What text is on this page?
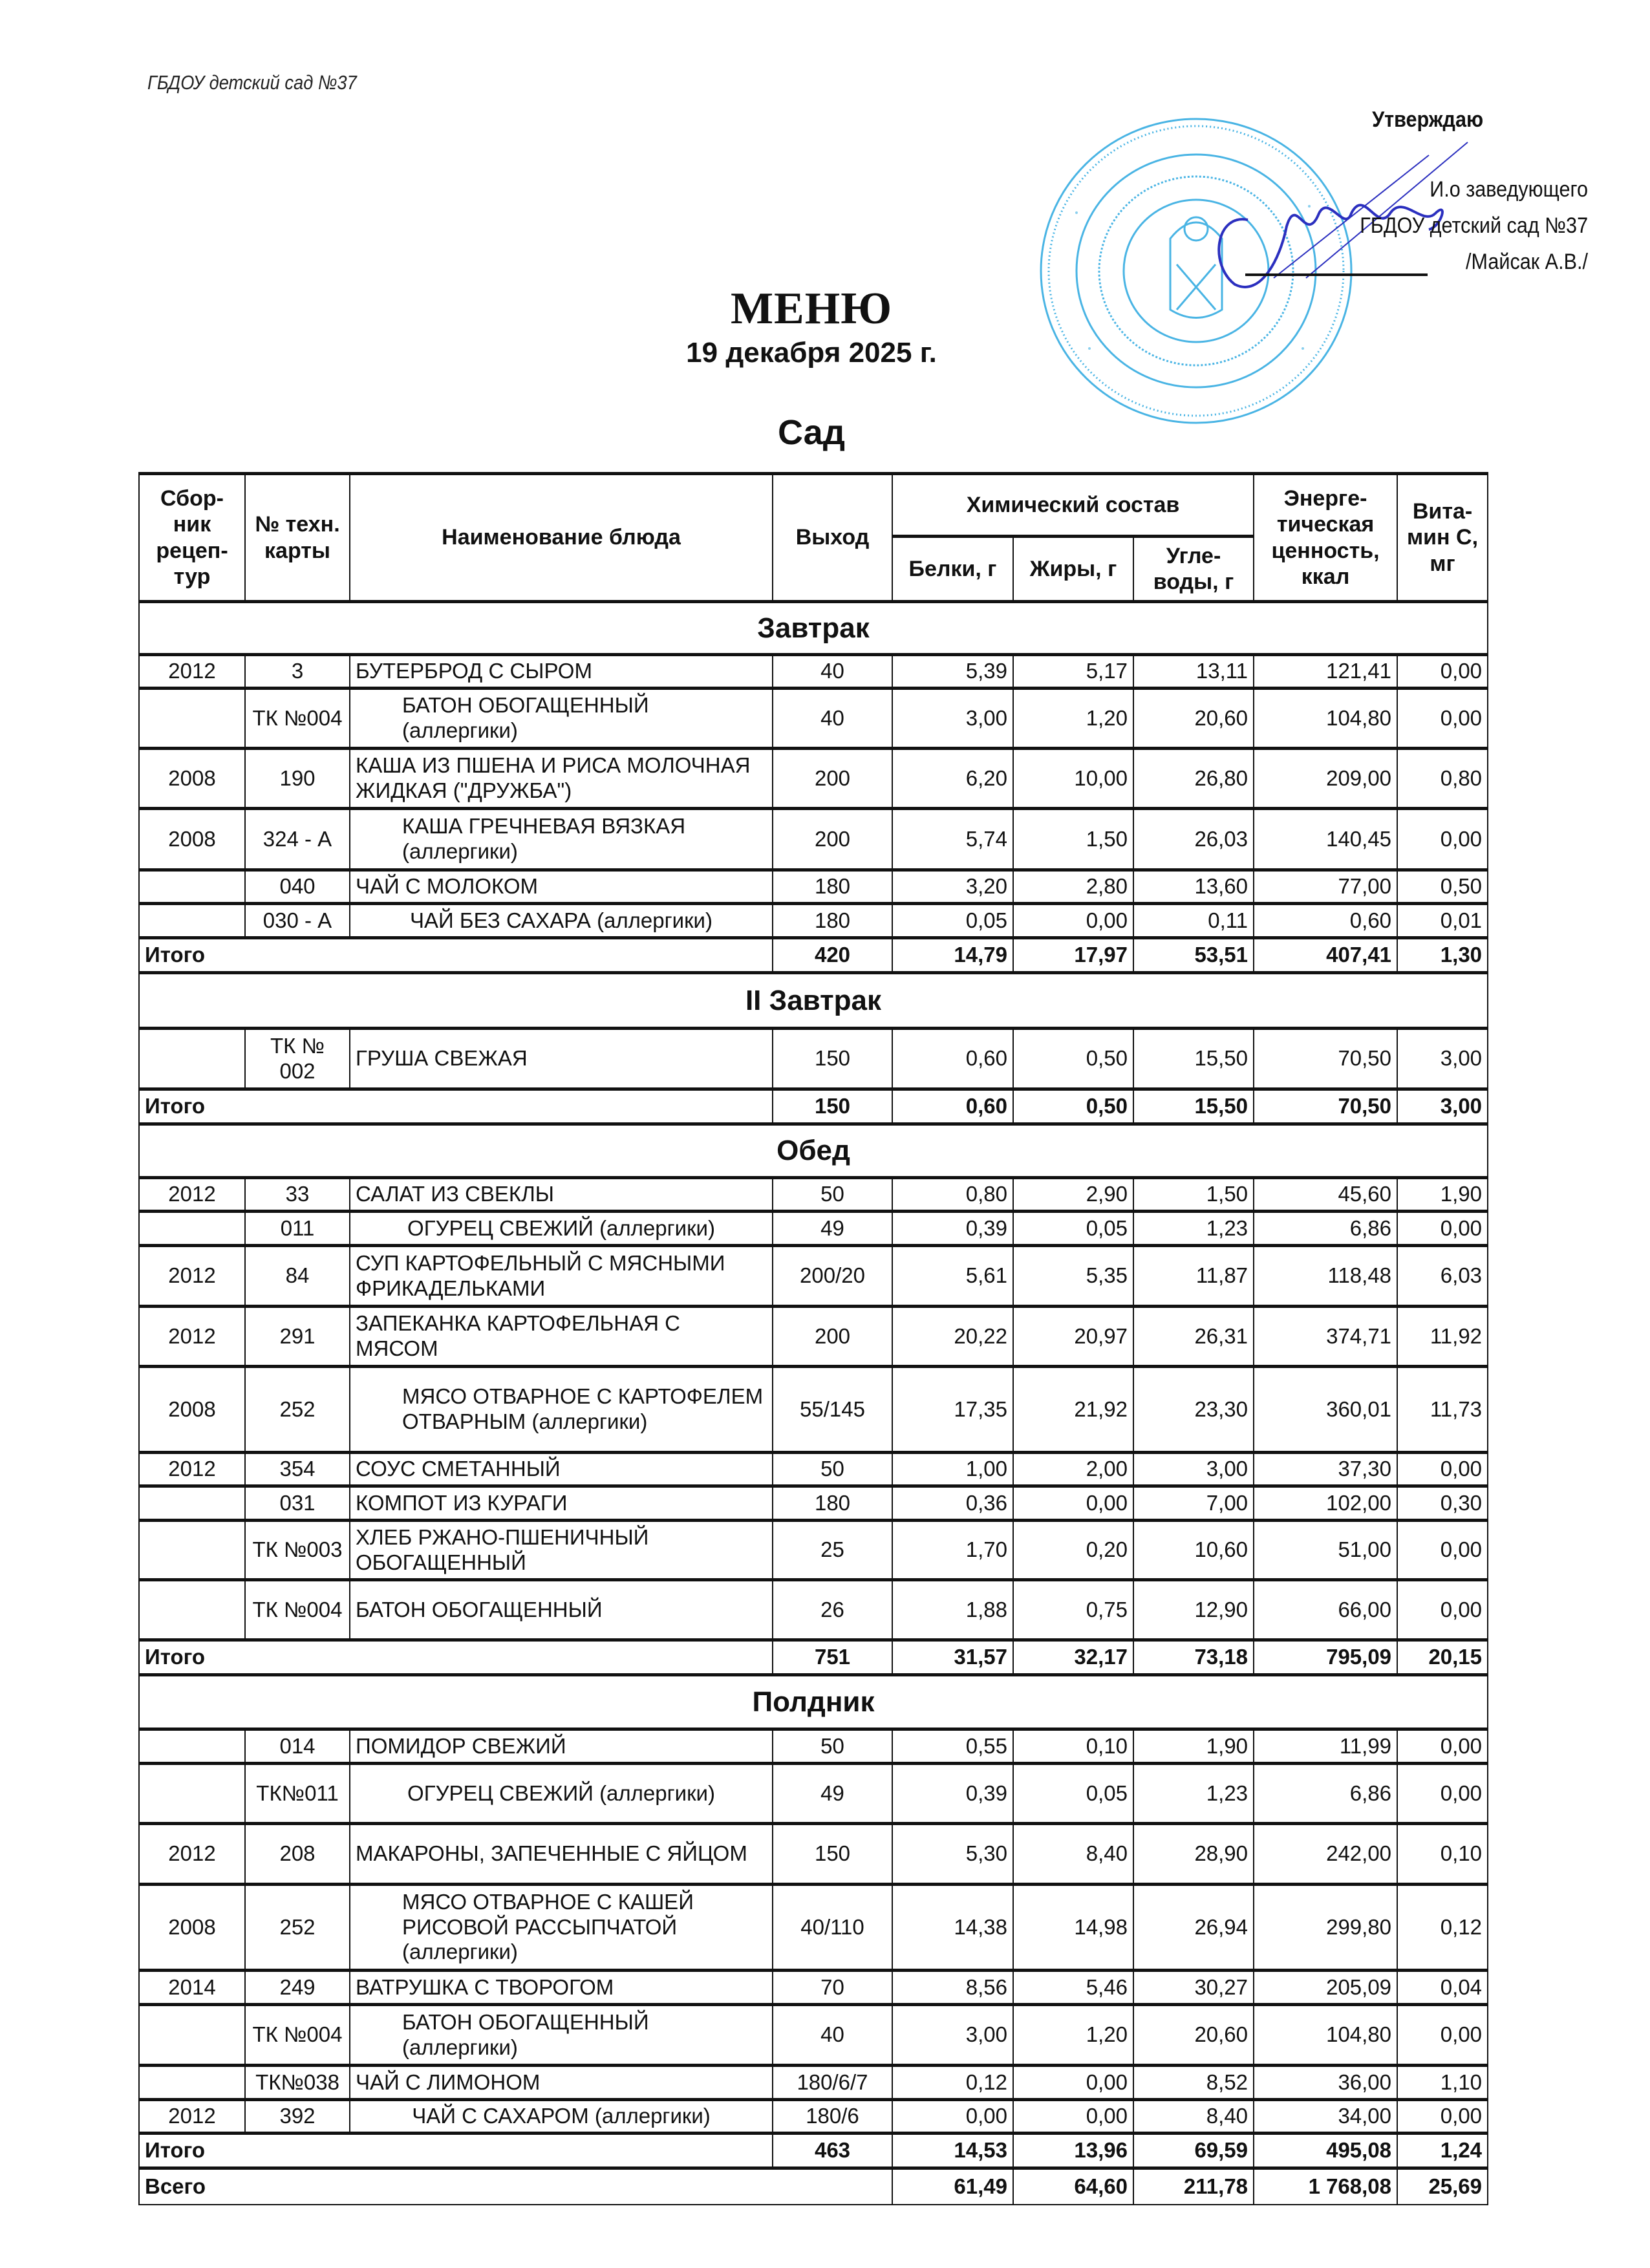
ГБДОУ детский сад №37
Утверждаю
И.о заведующего
ГБДОУ детский сад №37
/Майсак А.В./
МЕНЮ
19 декабря 2025 г.
Сад
Сбор-ник рецеп-тур	№ техн. карты	Наименование блюда	Выход	Химический состав			Энерге-тическая ценность, ккал	Вита-мин С, мг
				Белки, г	Жиры, г	Угле-воды, г		
Завтрак								
2012	3	БУТЕРБРОД С СЫРОМ	40	5,39	5,17	13,11	121,41	0,00
	ТК №004	БАТОН ОБОГАЩЕННЫЙ (аллергики)	40	3,00	1,20	20,60	104,80	0,00
2008	190	КАША ИЗ ПШЕНА И РИСА МОЛОЧНАЯ ЖИДКАЯ ("ДРУЖБА")	200	6,20	10,00	26,80	209,00	0,80
2008	324 - А	КАША ГРЕЧНЕВАЯ ВЯЗКАЯ (аллергики)	200	5,74	1,50	26,03	140,45	0,00
	040	ЧАЙ С МОЛОКОМ	180	3,20	2,80	13,60	77,00	0,50
	030 - А	ЧАЙ БЕЗ САХАРА (аллергики)	180	0,05	0,00	0,11	0,60	0,01
Итого			420	14,79	17,97	53,51	407,41	1,30
II Завтрак								
	ТК № 002	ГРУША СВЕЖАЯ	150	0,60	0,50	15,50	70,50	3,00
Итого			150	0,60	0,50	15,50	70,50	3,00
Обед								
2012	33	САЛАТ ИЗ СВЕКЛЫ	50	0,80	2,90	1,50	45,60	1,90
	011	ОГУРЕЦ СВЕЖИЙ (аллергики)	49	0,39	0,05	1,23	6,86	0,00
2012	84	СУП КАРТОФЕЛЬНЫЙ С МЯСНЫМИ ФРИКАДЕЛЬКАМИ	200/20	5,61	5,35	11,87	118,48	6,03
2012	291	ЗАПЕКАНКА КАРТОФЕЛЬНАЯ С МЯСОМ	200	20,22	20,97	26,31	374,71	11,92
2008	252	МЯСО ОТВАРНОЕ С КАРТОФЕЛЕМ ОТВАРНЫМ (аллергики)	55/145	17,35	21,92	23,30	360,01	11,73
2012	354	СОУС СМЕТАННЫЙ	50	1,00	2,00	3,00	37,30	0,00
	031	КОМПОТ ИЗ КУРАГИ	180	0,36	0,00	7,00	102,00	0,30
	ТК №003	ХЛЕБ РЖАНО-ПШЕНИЧНЫЙ ОБОГАЩЕННЫЙ	25	1,70	0,20	10,60	51,00	0,00
	ТК №004	БАТОН ОБОГАЩЕННЫЙ	26	1,88	0,75	12,90	66,00	0,00
Итого			751	31,57	32,17	73,18	795,09	20,15
Полдник								
	014	ПОМИДОР СВЕЖИЙ	50	0,55	0,10	1,90	11,99	0,00
	ТК№011	ОГУРЕЦ СВЕЖИЙ (аллергики)	49	0,39	0,05	1,23	6,86	0,00
2012	208	МАКАРОНЫ, ЗАПЕЧЕННЫЕ С ЯЙЦОМ	150	5,30	8,40	28,90	242,00	0,10
2008	252	МЯСО ОТВАРНОЕ С КАШЕЙ РИСОВОЙ РАССЫПЧАТОЙ (аллергики)	40/110	14,38	14,98	26,94	299,80	0,12
2014	249	ВАТРУШКА С ТВОРОГОМ	70	8,56	5,46	30,27	205,09	0,04
	ТК №004	БАТОН ОБОГАЩЕННЫЙ (аллергики)	40	3,00	1,20	20,60	104,80	0,00
	ТК№038	ЧАЙ С ЛИМОНОМ	180/6/7	0,12	0,00	8,52	36,00	1,10
2012	392	ЧАЙ С САХАРОМ (аллергики)	180/6	0,00	0,00	8,40	34,00	0,00
Итого			463	14,53	13,96	69,59	495,08	1,24
Всего				61,49	64,60	211,78	1 768,08	25,69
